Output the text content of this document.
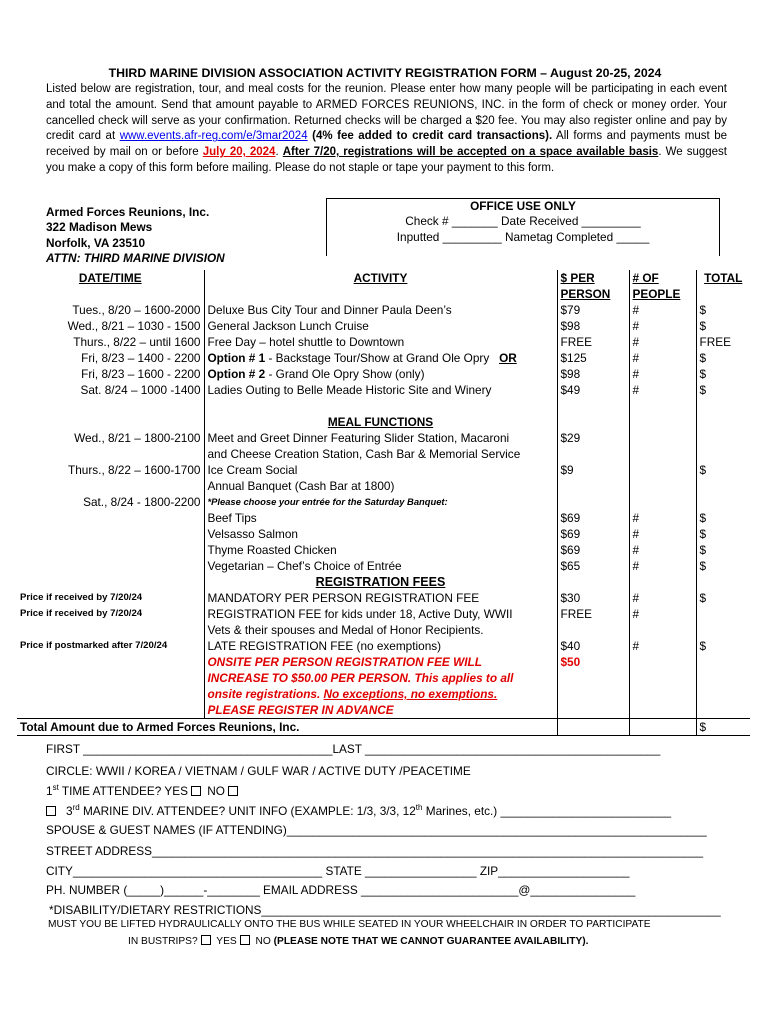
THIRD MARINE DIVISION ASSOCIATION ACTIVITY REGISTRATION FORM – August 20-25, 2024
Listed below are registration, tour, and meal costs for the reunion. Please enter how many people will be participating in each event and total the amount. Send that amount payable to ARMED FORCES REUNIONS, INC. in the form of check or money order. Your cancelled check will serve as your confirmation. Returned checks will be charged a $20 fee. You may also register online and pay by credit card at www.events.afr-reg.com/e/3mar2024 (4% fee added to credit card transactions). All forms and payments must be received by mail on or before July 20, 2024. After 7/20, registrations will be accepted on a space available basis. We suggest you make a copy of this form before mailing. Please do not staple or tape your payment to this form.
Armed Forces Reunions, Inc.
322 Madison Mews
Norfolk, VA 23510
ATTN: THIRD MARINE DIVISION
OFFICE USE ONLY
Check # _______ Date Received _________
Inputted _________ Nametag Completed _____
DATE/TIME	ACTIVITY	$ PER PERSON	# OF PEOPLE	TOTAL
Tues., 8/20 – 1600-2000	Deluxe Bus City Tour and Dinner Paula Deen’s	$79	#	$
Wed., 8/21 – 1030 - 1500	General Jackson Lunch Cruise	$98	#	$
Thurs., 8/22 – until 1600	Free Day – hotel shuttle to Downtown	FREE	#	FREE
Fri, 8/23 – 1400 - 2200	Option # 1 - Backstage Tour/Show at Grand Ole Opry OR	$125	#	$
Fri, 8/23 – 1600 - 2200	Option # 2 - Grand Ole Opry Show (only)	$98	#	$
Sat. 8/24 – 1000 -1400	Ladies Outing to Belle Meade Historic Site and Winery	$49	#	$

	MEAL FUNCTIONS			
Wed., 8/21 – 1800-2100	Meet and Greet Dinner Featuring Slider Station, Macaroni	$29		
	and Cheese Creation Station, Cash Bar & Memorial Service			
Thurs., 8/22 – 1600-1700	Ice Cream Social	$9		$
	Annual Banquet (Cash Bar at 1800)			
Sat., 8/24 - 1800-2200	*Please choose your entrée for the Saturday Banquet:			
	Beef Tips	$69	#	$
	Velsasso Salmon	$69	#	$
	Thyme Roasted Chicken	$69	#	$
	Vegetarian – Chef’s Choice of Entrée	$65	#	$
	REGISTRATION FEES			
Price if received by 7/20/24	MANDATORY PER PERSON REGISTRATION FEE	$30	#	$
Price if received by 7/20/24	REGISTRATION FEE for kids under 18, Active Duty, WWII	FREE	#	
	Vets & their spouses and Medal of Honor Recipients.			
Price if postmarked after 7/20/24	LATE REGISTRATION FEE (no exemptions)	$40	#	$
	ONSITE PER PERSON REGISTRATION FEE WILL	$50		
	INCREASE TO $50.00 PER PERSON. This applies to all			
	onsite registrations. No exceptions, no exemptions.			
	PLEASE REGISTER IN ADVANCE			
Total Amount due to Armed Forces Reunions, Inc.				$
FIRST ______________________________________LAST _____________________________________________
CIRCLE: WWII / KOREA / VIETNAM / GULF WAR / ACTIVE DUTY /PEACETIME
1st TIME ATTENDEE? YES NO
3rd MARINE DIV. ATTENDEE? UNIT INFO (EXAMPLE: 1/3, 3/3, 12th Marines, etc.) __________________________
SPOUSE & GUEST NAMES (IF ATTENDING)________________________________________________________________
STREET ADDRESS____________________________________________________________________________________
CITY______________________________________ STATE _________________ ZIP____________________
PH. NUMBER (_____)______-________ EMAIL ADDRESS ________________________@________________
*DISABILITY/DIETARY RESTRICTIONS______________________________________________________________________
MUST YOU BE LIFTED HYDRAULICALLY ONTO THE BUS WHILE SEATED IN YOUR WHEELCHAIR IN ORDER TO PARTICIPATE
IN BUSTRIPS? YES NO (PLEASE NOTE THAT WE CANNOT GUARANTEE AVAILABILITY).
